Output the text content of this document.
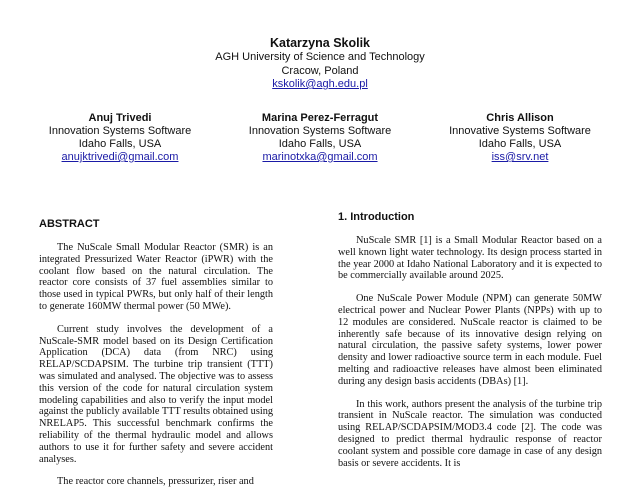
Katarzyna Skolik
AGH University of Science and Technology
Cracow, Poland
kskolik@agh.edu.pl
Anuj Trivedi
Innovation Systems Software
Idaho Falls, USA
anujktrivedi@gmail.com
Marina Perez-Ferragut
Innovation Systems Software
Idaho Falls, USA
marinotxka@gmail.com
Chris Allison
Innovative Systems Software
Idaho Falls, USA
iss@srv.net
ABSTRACT

The NuScale Small Modular Reactor (SMR) is an integrated Pressurized Water Reactor (iPWR) with the coolant flow based on the natural circulation. The reactor core consists of 37 fuel assemblies similar to those used in typical PWRs, but only half of their length to generate 160MW thermal power (50 MWe).

Current study involves the development of a NuScale-SMR model based on its Design Certification Application (DCA) data (from NRC) using RELAP/SCDAPSIM. The turbine trip transient (TTT) was simulated and analysed. The objective was to assess this version of the code for natural circulation system modeling capabilities and also to verify the input model against the publicly available TTT results obtained using NRELAP5. This successful benchmark confirms the reliability of the thermal hydraulic model and allows authors to use it for further safety and severe accident analyses.

The reactor core channels, pressurizer, riser and

1. Introduction

NuScale SMR [1] is a Small Modular Reactor based on a well known light water technology. Its design process started in the year 2000 at Idaho National Laboratory and it is expected to be commercially available around 2025.

One NuScale Power Module (NPM) can generate 50MW electrical power and Nuclear Power Plants (NPPs) with up to 12 modules are considered. NuScale reactor is claimed to be inherently safe because of its innovative design relying on natural circulation, the passive safety systems, lower power density and lower radioactive source term in each module. Fuel melting and radioactive releases have almost been eliminated during any design basis accidents (DBAs) [1].

In this work, authors present the analysis of the turbine trip transient in NuScale reactor. The simulation was conducted using RELAP/SCDAPSIM/MOD3.4 code [2]. The code was designed to predict thermal hydraulic response of reactor coolant system and possible core damage in case of any design basis or severe accidents. It is
